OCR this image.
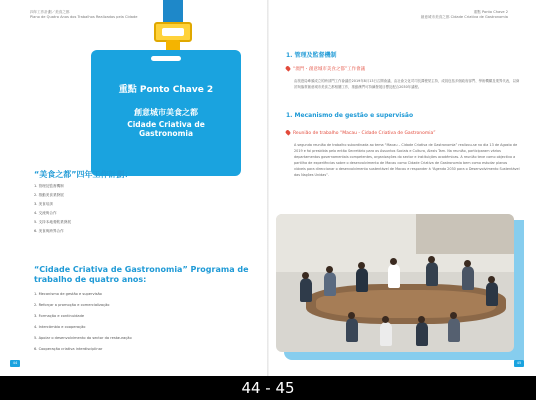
四年工作計劃／美食之都
Plano de Quatro Anos dos Trabalhos Realizados pela Cidade
重點 Ponto Chave 2
創意城市美食之都
Cidade Criativa de
Gastronomia
“美食之都”四年工作計劃：
1. 管理及監督機制
2. 推動美食業發展
3. 美食培訓
4. 交流與合作
5. 支持本地餐飲業發展
6. 美食與跨界合作
“Cidade Criativa de Gastronomia” Programa de
trabalho de quatro anos:
1. Mecanismo de gestão e supervisão
2. Reforçar a promoção e comercialização
3. Formação e continuidade
4. Intercâmbio e cooperação
5. Apoiar o desenvolvimento do sector da restauração
6. Cooperação criativa interdisciplinar
44
重點 Ponto Chave 2
創意城市美食之都 Cidade Criativa de Gastronomia
1. 管理及監督機制
“澳門・創意城市美食之都”工作會議
由旅遊局牽頭成立的跨部門工作會議於2019年8月13日召開會議，由社會文化司司長譚俊榮主持，成員包括多個政府部門、學術機構及業界代表，以商討與落實創意城市美食之都相關工作，推動澳門可持續發展目標及配合2030年議程。
1. Mecanismo de gestão e supervisão
Reunião de trabalho “Macau - Cidade Criativa de Gastronomia”
A segunda reunião de trabalho subordinada ao tema “Macau – Cidade Criativa de Gastronomia” realizou-se no dia 13 de Agosto de 2019 e foi presidida pelo então Secretário para os Assuntos Sociais e Cultura, Alexis Tam. Na reunião, participaram vários departamentos governamentais competentes, organizações do sector e instituições académicas. A reunião teve como objectivo a partilha de experiências sobre o desenvolvimento de Macau como Cidade Criativa de Gastronomia bem como estudar planos viáveis para direccionar o desenvolvimento sustentável de Macau e responder à “Agenda 2030 para o Desenvolvimento Sustentável das Nações Unidas”.
45
44 - 45
